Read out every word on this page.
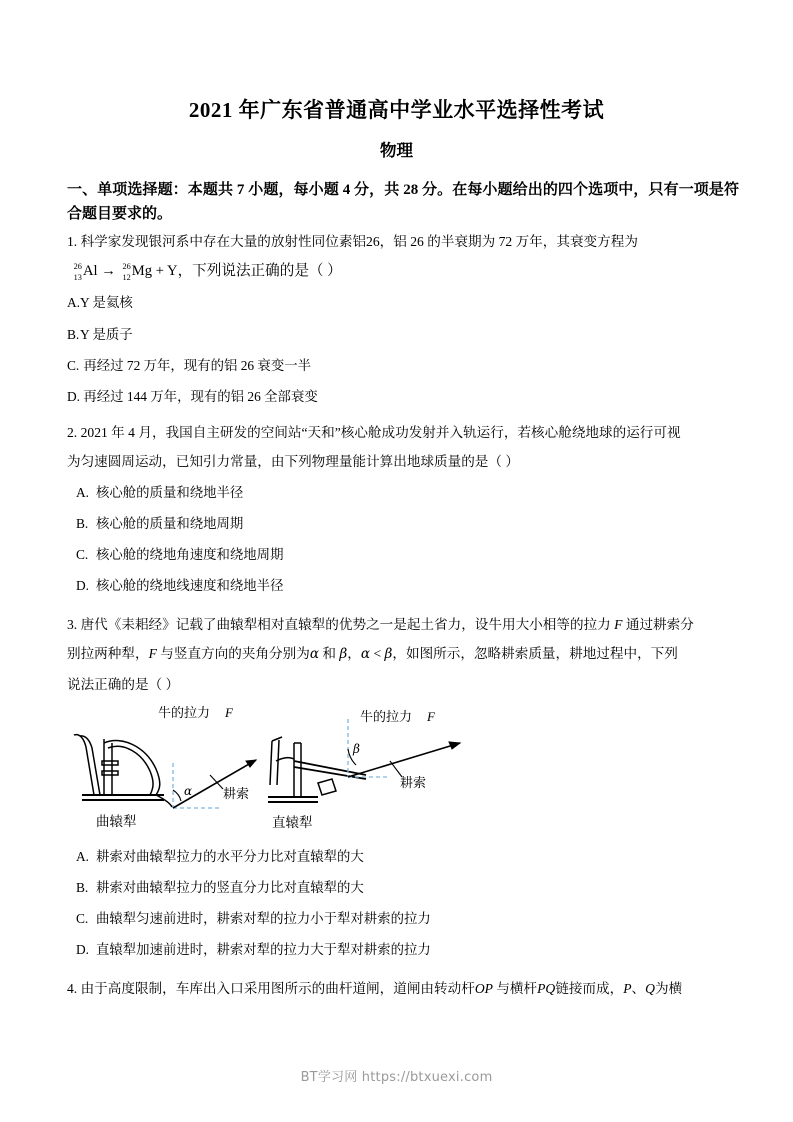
2021 年广东省普通高中学业水平选择性考试
物理

一、单项选择题：本题共 7 小题，每小题 4 分，共 28 分。在每小题给出的四个选项中，只有一项是符合题目要求的。

1. 科学家发现银河系中存在大量的放射性同位素铝26，铝 26 的半衰期为 72 万年，其衰变方程为

26
13 Al → 26
12 Mg + Y，下列说法正确的是（ ）

A.Y 是氦核

B.Y 是质子

C. 再经过 72 万年，现有的铝 26 衰变一半

D. 再经过 144 万年，现有的铝 26 全部衰变

2. 2021 年 4 月，我国自主研发的空间站“天和”核心舱成功发射并入轨运行，若核心舱绕地球的运行可视

为匀速圆周运动，已知引力常量，由下列物理量能计算出地球质量的是（ ）

A. 核心舱的质量和绕地半径

B. 核心舱的质量和绕地周期

C. 核心舱的绕地角速度和绕地周期

D. 核心舱的绕地线速度和绕地半径

3. 唐代《耒耜经》记载了曲辕犁相对直辕犁的优势之一是起土省力，设牛用大小相等的拉力 F 通过耕索分

别拉两种犁，F 与竖直方向的夹角分别为α 和 β，α < β，如图所示，忽略耕索质量，耕地过程中，下列

说法正确的是（ ）

α
牛的拉力 F
耕索
曲辕犁
β
牛的拉力 F
耕索
直辕犁

A. 耕索对曲辕犁拉力的水平分力比对直辕犁的大

B. 耕索对曲辕犁拉力的竖直分力比对直辕犁的大

C. 曲辕犁匀速前进时，耕索对犁的拉力小于犁对耕索的拉力

D. 直辕犁加速前进时，耕索对犁的拉力大于犁对耕索的拉力

4. 由于高度限制，车库出入口采用图所示的曲杆道闸，道闸由转动杆OP 与横杆PQ链接而成，P、Q为横

BT学习网 https://btxuexi.com
